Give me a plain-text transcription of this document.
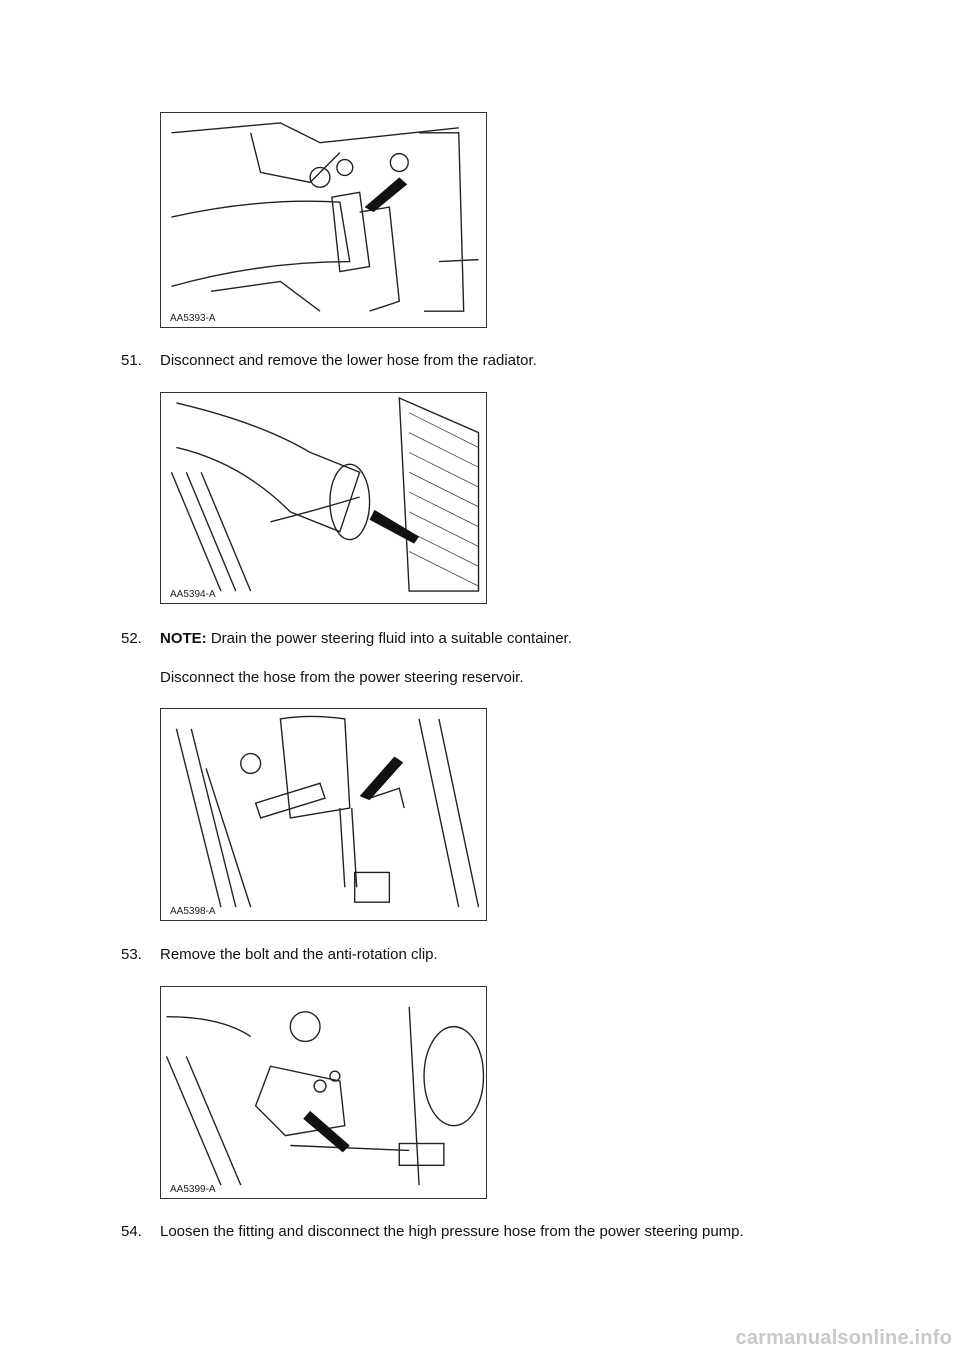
AA5393-A
51.	Disconnect and remove the lower hose from the radiator.
AA5394-A
52.	NOTE: Drain the power steering fluid into a suitable container.
Disconnect the hose from the power steering reservoir.
AA5398-A
53.	Remove the bolt and the anti-rotation clip.
AA5399-A
54.	Loosen the fitting and disconnect the high pressure hose from the power steering pump.
carmanualsonline.info
